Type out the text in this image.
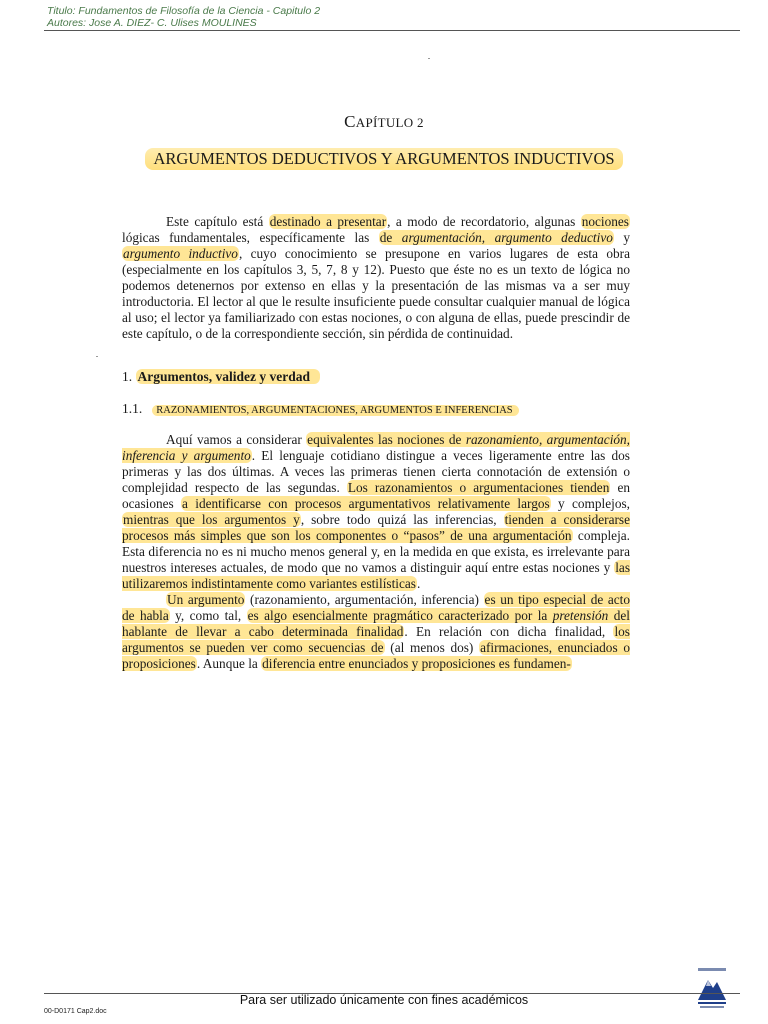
Titulo: Fundamentos de Filosofía de la Ciencia - Capitulo 2
Autores: Jose A. DIEZ- C. Ulises MOULINES
CAPÍTULO 2
ARGUMENTOS DEDUCTIVOS Y ARGUMENTOS INDUCTIVOS

Este capítulo está destinado a presentar, a modo de recordatorio, algunas nociones lógicas fundamentales, específicamente las de argumentación, argumento deductivo y argumento inductivo, cuyo conocimiento se presupone en varios lugares de esta obra (especialmente en los capítulos 3, 5, 7, 8 y 12). Puesto que éste no es un texto de lógica no podemos detenernos por extenso en ellas y la presentación de las mismas va a ser muy introductoria. El lector al que le resulte insuficiente puede consultar cualquier manual de lógica al uso; el lector ya familiarizado con estas nociones, o con alguna de ellas, puede prescindir de este capítulo, o de la correspondiente sección, sin pérdida de continuidad.

1. Argumentos, validez y verdad
1.1. RAZONAMIENTOS, ARGUMENTACIONES, ARGUMENTOS E INFERENCIAS

Aquí vamos a considerar equivalentes las nociones de razonamiento, argumentación, inferencia y argumento. El lenguaje cotidiano distingue a veces ligeramente entre las dos primeras y las dos últimas. A veces las primeras tienen cierta connotación de extensión o complejidad respecto de las segundas. Los razonamientos o argumentaciones tienden en ocasiones a identificarse con procesos argumentativos relativamente largos y complejos, mientras que los argumentos y, sobre todo quizá las inferencias, tienden a considerarse procesos más simples que son los componentes o “pasos” de una argumentación compleja. Esta diferencia no es ni mucho menos general y, en la medida en que exista, es irrelevante para nuestros intereses actuales, de modo que no vamos a distinguir aquí entre estas nociones y las utilizaremos indistintamente como variantes estilísticas.

Un argumento (razonamiento, argumentación, inferencia) es un tipo especial de acto de habla y, como tal, es algo esencialmente pragmático caracterizado por la pretensión del hablante de llevar a cabo determinada finalidad. En relación con dicha finalidad, los argumentos se pueden ver como secuencias de (al menos dos) afirmaciones, enunciados o proposiciones. Aunque la diferencia entre enunciados y proposiciones es fundamen-

Para ser utilizado únicamente con fines académicos
00-D0171 Cap2.doc
